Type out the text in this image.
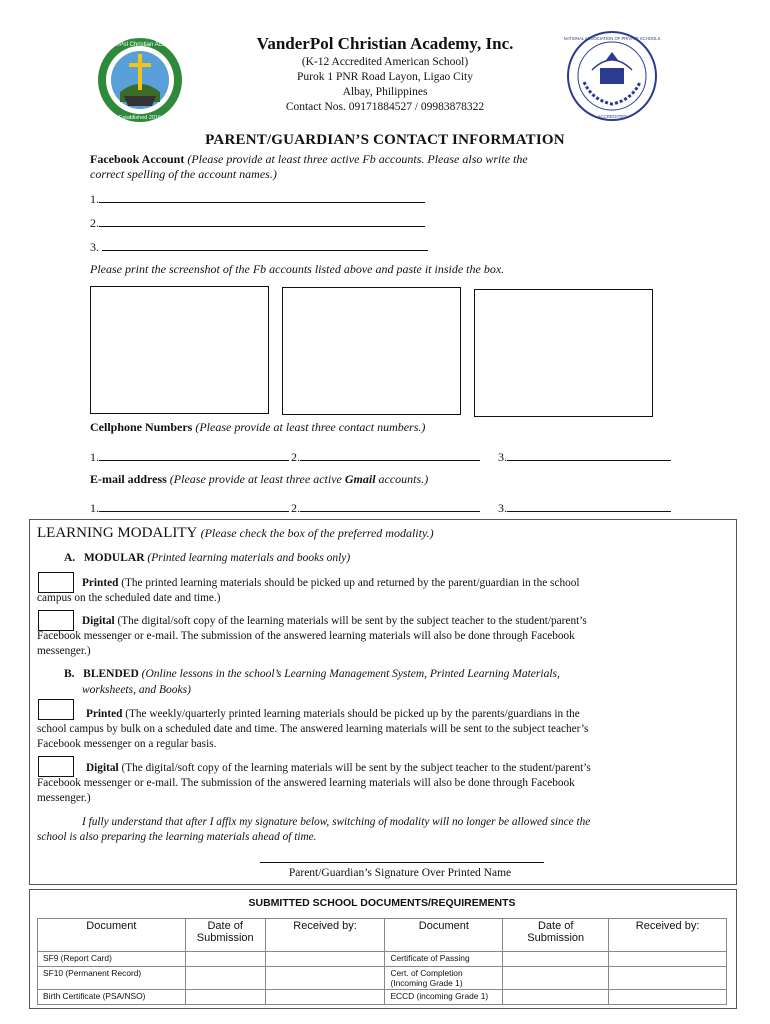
VanderPol Christian Academy
Established 2016
NATIONAL ASSOCIATION OF PRIVATE SCHOOLS
ACCREDITED
VanderPol Christian Academy, Inc.
(K-12 Accredited American School)
Purok 1 PNR Road Layon, Ligao City
Albay, Philippines
Contact Nos. 09171884527 / 09983878322
PARENT/GUARDIAN’S CONTACT INFORMATION
Facebook Account (Please provide at least three active Fb accounts. Please also write the
correct spelling of the account names.)
1.
2.
3.
Please print the screenshot of the Fb accounts listed above and paste it inside the box.
Cellphone Numbers (Please provide at least three contact numbers.)
1.	2.	3.
E-mail address (Please provide at least three active Gmail accounts.)
1.	2.	3.
LEARNING MODALITY (Please check the box of the preferred modality.)
A. MODULAR (Printed learning materials and books only)
Printed (The printed learning materials should be picked up and returned by the parent/guardian in the school
campus on the scheduled date and time.)
Digital (The digital/soft copy of the learning materials will be sent by the subject teacher to the student/parent’s
Facebook messenger or e-mail. The submission of the answered learning materials will also be done through Facebook
messenger.)
B. BLENDED (Online lessons in the school’s Learning Management System, Printed Learning Materials,
worksheets, and Books)
Printed (The weekly/quarterly printed learning materials should be picked up by the parents/guardians in the
school campus by bulk on a scheduled date and time. The answered learning materials will be sent to the subject teacher’s
Facebook messenger on a regular basis.
Digital (The digital/soft copy of the learning materials will be sent by the subject teacher to the student/parent’s
Facebook messenger or e-mail. The submission of the answered learning materials will also be done through Facebook
messenger.)
I fully understand that after I affix my signature below, switching of modality will no longer be allowed since the
school is also preparing the learning materials ahead of time.
Parent/Guardian’s Signature Over Printed Name
SUBMITTED SCHOOL DOCUMENTS/REQUIREMENTS
Document	Date of Submission	Received by:	Document	Date of Submission	Received by:
SF9 (Report Card)			Certificate of Passing		
SF10 (Permanent Record)			Cert. of Completion (Incoming Grade 1)		
Birth Certificate (PSA/NSO)			ECCD (incoming Grade 1)		
